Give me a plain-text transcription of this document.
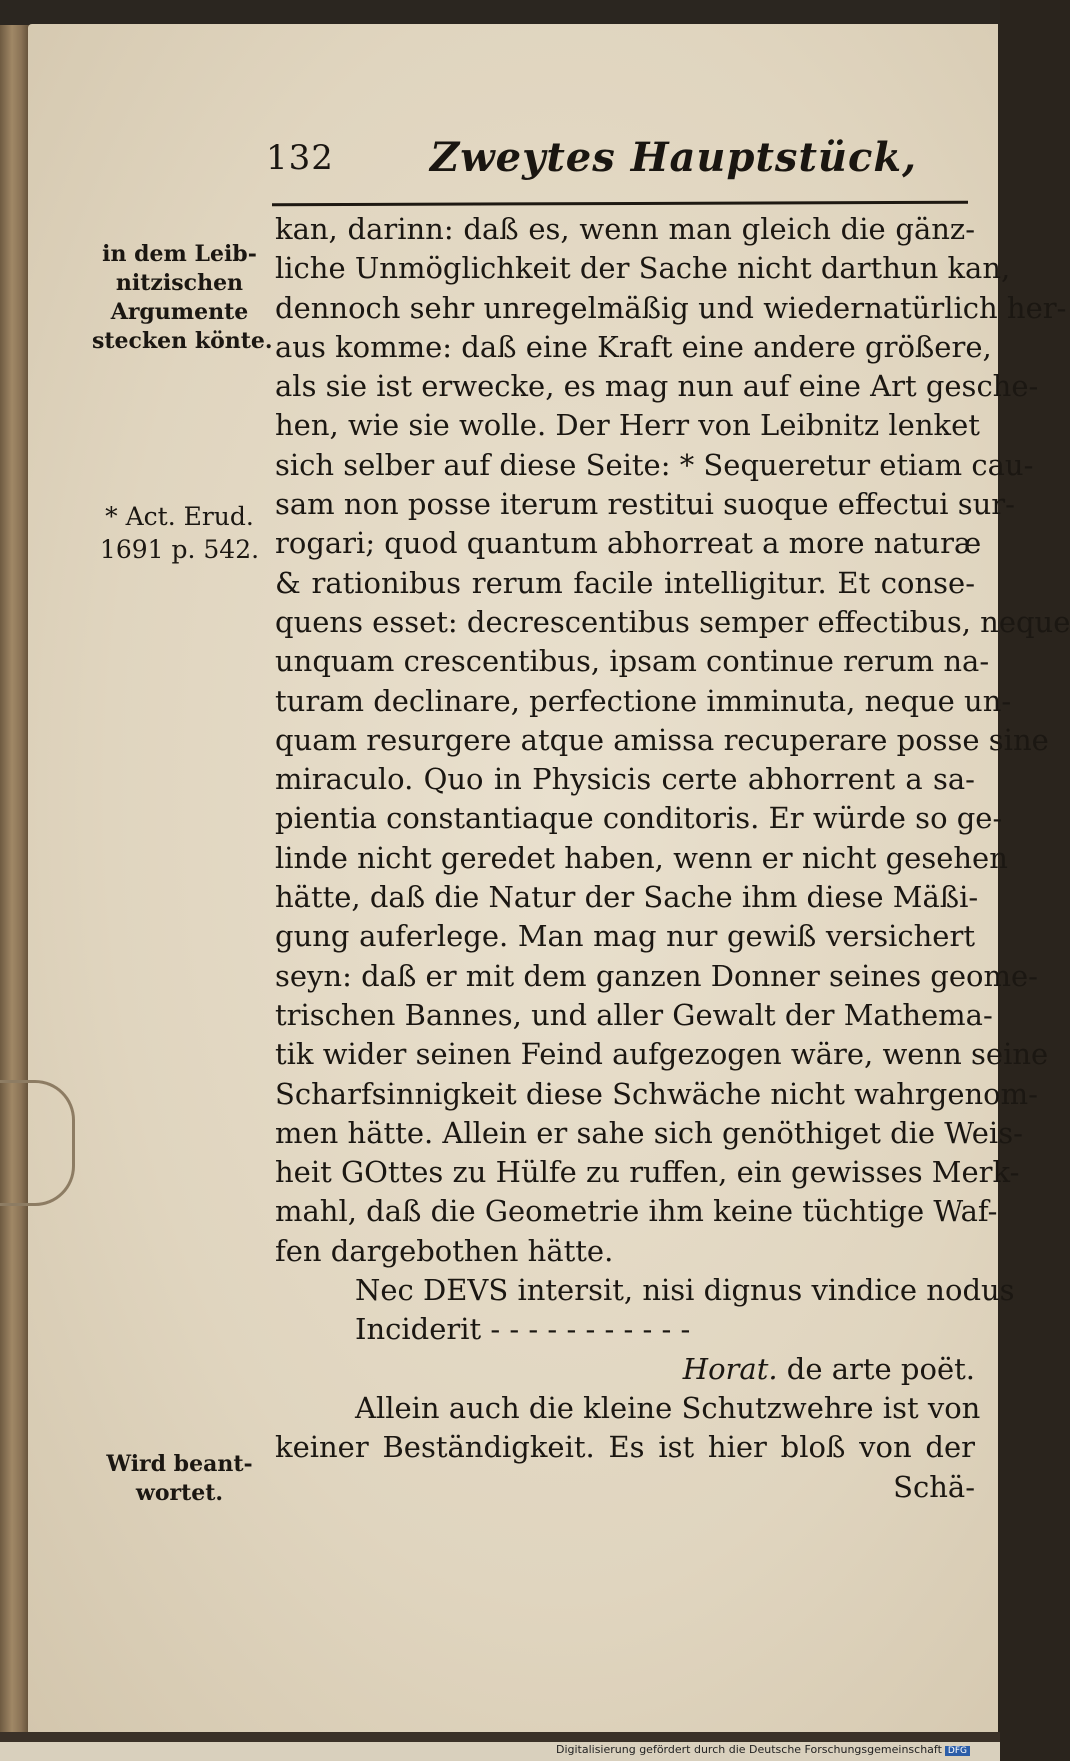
132 Zweytes Hauptstück,
in dem Leib-
nitzischen
Argumente
stecken könte.
* Act. Erud.
1691 p. 542.
Wird beant-
wortet.
kan, darinn: daß es, wenn man gleich die gänz-
liche Unmöglichkeit der Sache nicht darthun kan,
dennoch sehr unregelmäßig und wiedernatürlich her-
aus komme: daß eine Kraft eine andere größere,
als sie ist erwecke, es mag nun auf eine Art gesche-
hen, wie sie wolle. Der Herr von Leibnitz lenket
sich selber auf diese Seite: * Sequeretur etiam cau-
sam non posse iterum restitui suoque effectui sur-
rogari; quod quantum abhorreat a more naturæ
& rationibus rerum facile intelligitur. Et conse-
quens esset: decrescentibus semper effectibus, neque
unquam crescentibus, ipsam continue rerum na-
turam declinare, perfectione imminuta, neque un-
quam resurgere atque amissa recuperare posse sine
miraculo. Quo in Physicis certe abhorrent a sa-
pientia constantiaque conditoris. Er würde so ge-
linde nicht geredet haben, wenn er nicht gesehen
hätte, daß die Natur der Sache ihm diese Mäßi-
gung auferlege. Man mag nur gewiß versichert
seyn: daß er mit dem ganzen Donner seines geome-
trischen Bannes, und aller Gewalt der Mathema-
tik wider seinen Feind aufgezogen wäre, wenn seine
Scharfsinnigkeit diese Schwäche nicht wahrgenom-
men hätte. Allein er sahe sich genöthiget die Weis-
heit GOttes zu Hülfe zu ruffen, ein gewisses Merk-
mahl, daß die Geometrie ihm keine tüchtige Waf-
fen dargebothen hätte.
Nec DEVS intersit, nisi dignus vindice nodus
Inciderit - - - - - - - - - - -
Horat. de arte poët.
Allein auch die kleine Schutzwehre ist von
keiner Beständigkeit. Es ist hier bloß von der
Schä-
Digitalisierung gefördert durch die Deutsche Forschungsgemeinschaft DFG
